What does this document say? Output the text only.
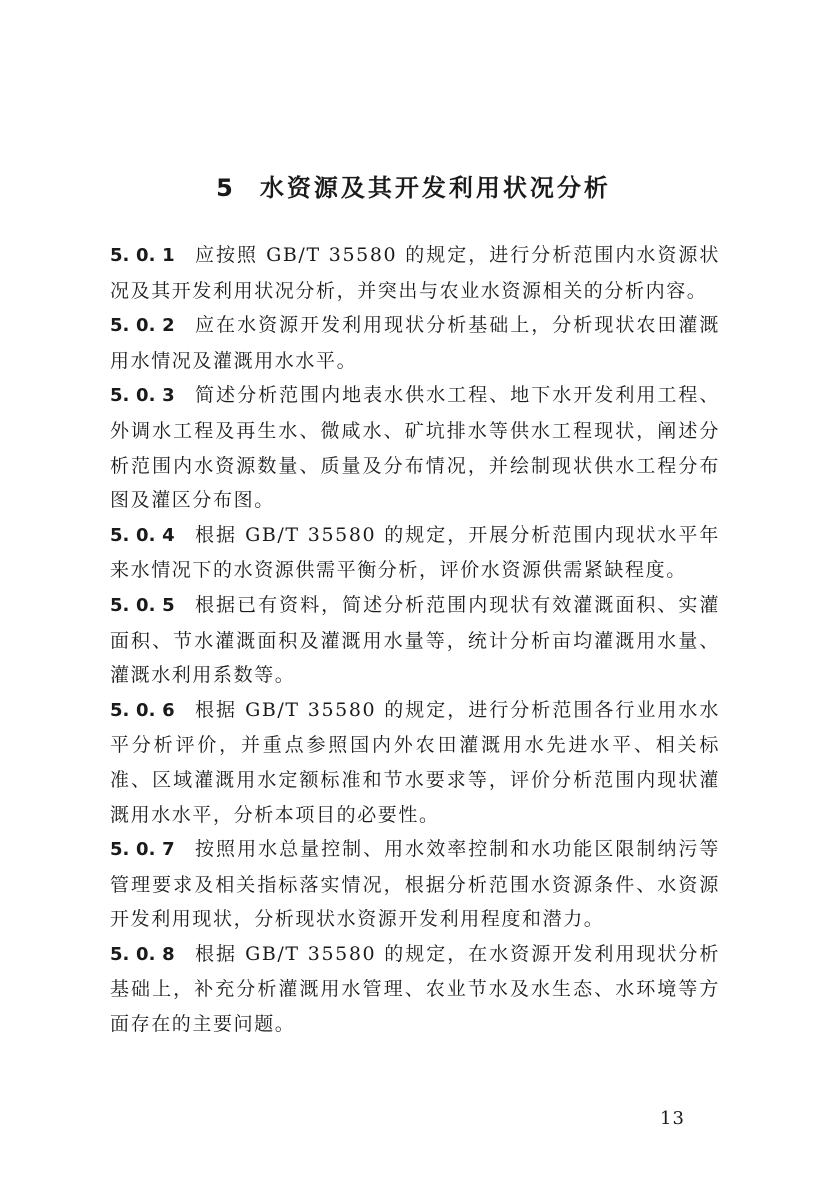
5 水资源及其开发利用状况分析

5. 0. 1 应按照 GB/T 35580 的规定，进行分析范围内水资源状况及其开发利用状况分析，并突出与农业水资源相关的分析内容。

5. 0. 2 应在水资源开发利用现状分析基础上，分析现状农田灌溉用水情况及灌溉用水水平。

5. 0. 3 简述分析范围内地表水供水工程、地下水开发利用工程、外调水工程及再生水、微咸水、矿坑排水等供水工程现状，阐述分析范围内水资源数量、质量及分布情况，并绘制现状供水工程分布图及灌区分布图。

5. 0. 4 根据 GB/T 35580 的规定，开展分析范围内现状水平年来水情况下的水资源供需平衡分析，评价水资源供需紧缺程度。

5. 0. 5 根据已有资料，简述分析范围内现状有效灌溉面积、实灌面积、节水灌溉面积及灌溉用水量等，统计分析亩均灌溉用水量、灌溉水利用系数等。

5. 0. 6 根据 GB/T 35580 的规定，进行分析范围各行业用水水平分析评价，并重点参照国内外农田灌溉用水先进水平、相关标准、区域灌溉用水定额标准和节水要求等，评价分析范围内现状灌溉用水水平，分析本项目的必要性。

5. 0. 7 按照用水总量控制、用水效率控制和水功能区限制纳污等管理要求及相关指标落实情况，根据分析范围水资源条件、水资源开发利用现状，分析现状水资源开发利用程度和潜力。

5. 0. 8 根据 GB/T 35580 的规定，在水资源开发利用现状分析基础上，补充分析灌溉用水管理、农业节水及水生态、水环境等方面存在的主要问题。

13
